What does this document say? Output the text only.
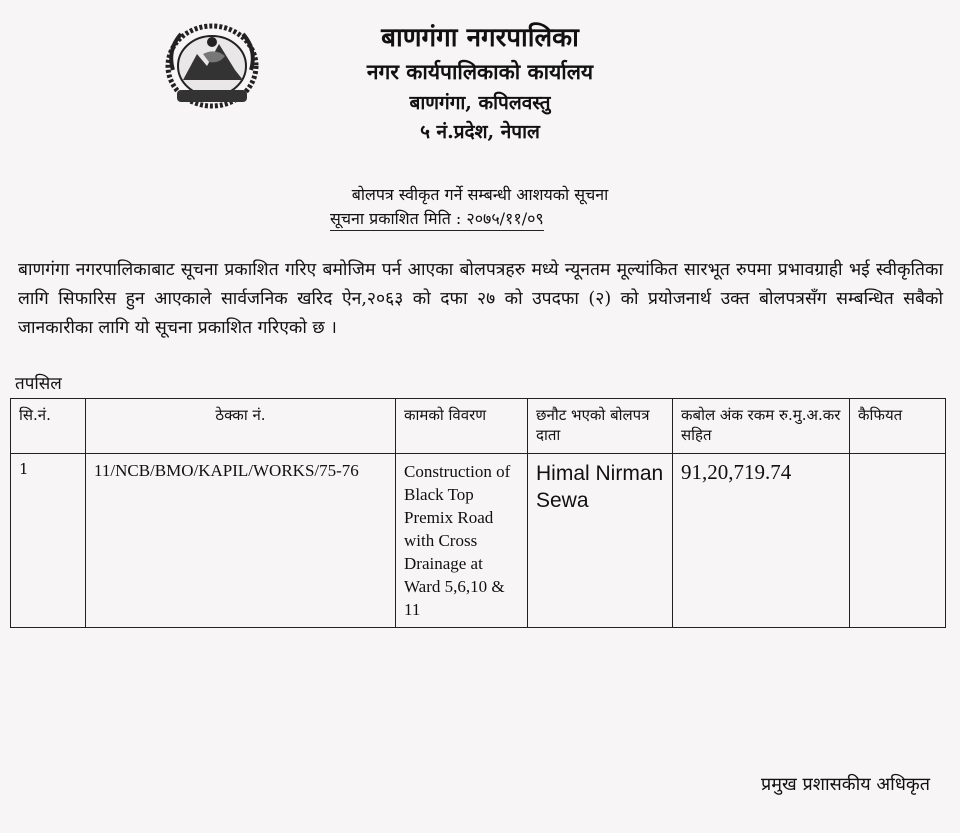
बाणगंगा नगरपालिका
नगर कार्यपालिकाको कार्यालय
बाणगंगा, कपिलवस्तु
५ नं.प्रदेश, नेपाल
बोलपत्र स्वीकृत गर्ने सम्बन्धी आशयको सूचना
सूचना प्रकाशित मिति : २०७५/११/०९
बाणगंगा नगरपालिकाबाट सूचना प्रकाशित गरिए बमोजिम पर्न आएका बोलपत्रहरु मध्ये न्यूनतम मूल्यांकित सारभूत रुपमा प्रभावग्राही भई स्वीकृतिका लागि सिफारिस हुन आएकाले सार्वजनिक खरिद ऐन,२०६३ को दफा २७ को उपदफा (२) को प्रयोजनार्थ उक्त बोलपत्रसँग सम्बन्धित सबैको जानकारीका लागि यो सूचना प्रकाशित गरिएको छ ।
तपसिल
सि.नं.	ठेक्का नं.	कामको विवरण	छनौट भएको बोलपत्र दाता	कबोल अंक रकम रु.मु.अ.कर सहित	कैफियत
1	11/NCB/BMO/KAPIL/WORKS/75-76	Construction of Black Top Premix Road with Cross Drainage at Ward 5,6,10 & 11	Himal Nirman Sewa	91,20,719.74	
प्रमुख प्रशासकीय अधिकृत
